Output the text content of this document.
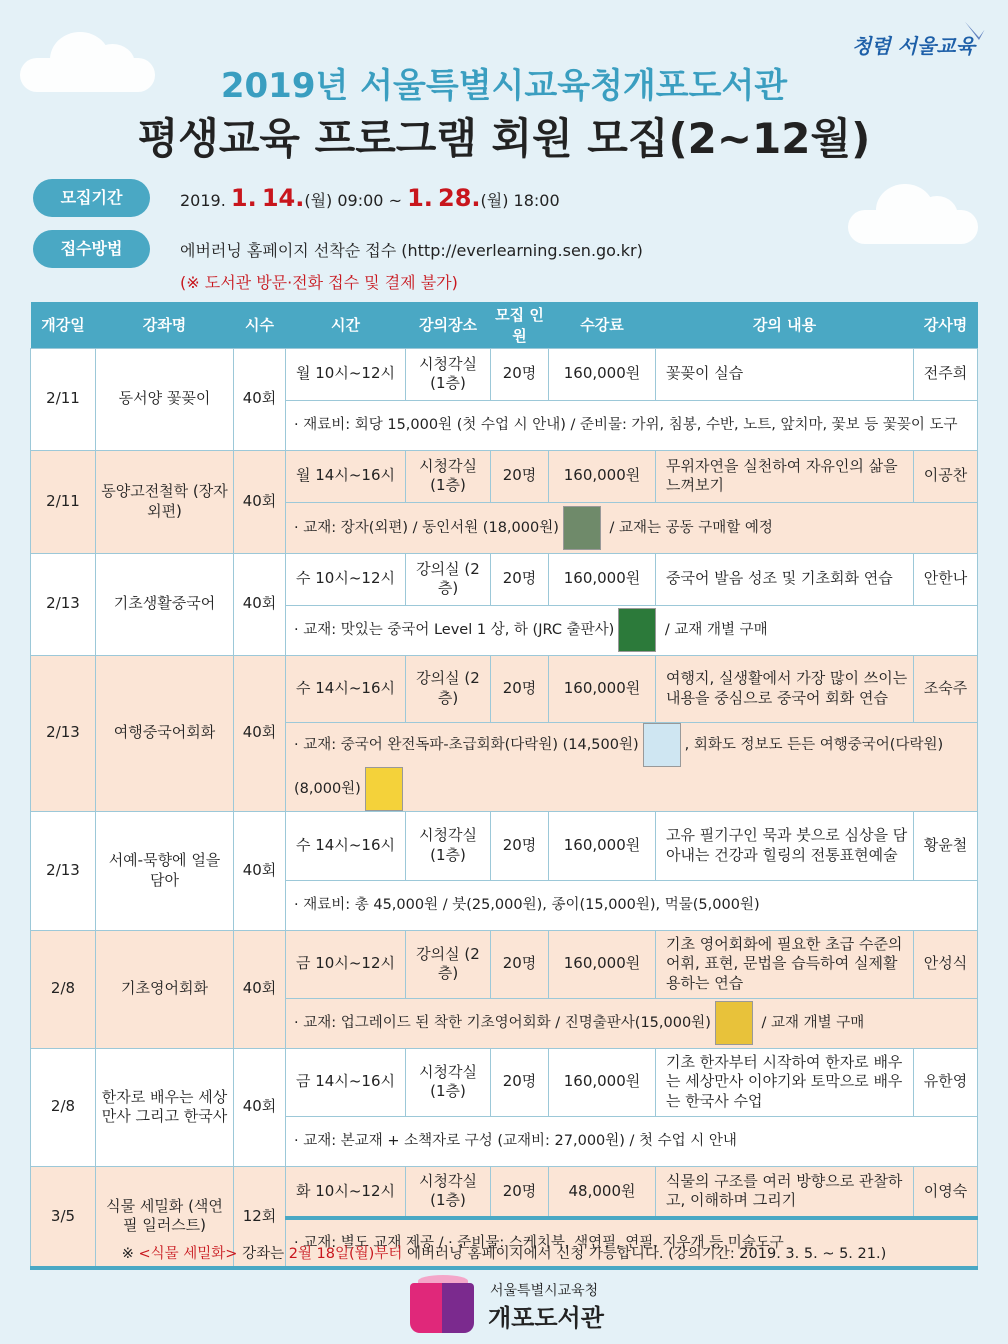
청렴 서울교육
2019년 서울특별시교육청개포도서관
평생교육 프로그램 회원 모집(2~12월)
모집기간	2019. 1. 14.(월) 09:00 ~ 1. 28.(월) 18:00
접수방법	에버러닝 홈페이지 선착순 접수 (http://everlearning.sen.go.kr)
(※ 도서관 방문·전화 접수 및 결제 불가)
개강일	강좌명	시수	시간	강의장소	모집 인원	수강료	강의 내용	강사명
2/11	동서양 꽃꽂이	40회	월 10시~12시	시청각실 (1층)	20명	160,000원	꽃꽂이 실습	전주희
			· 재료비: 회당 15,000원 (첫 수업 시 안내) / 준비물: 가위, 침봉, 수반, 노트, 앞치마, 꽃보 등 꽃꽂이 도구					
2/11	동양고전철학 (장자 외편)	40회	월 14시~16시	시청각실 (1층)	20명	160,000원	무위자연을 실천하여 자유인의 삶을 느껴보기	이공찬
			· 교재: 장자(외편) / 동인서원 (18,000원) / 교재는 공동 구매할 예정					
2/13	기초생활중국어	40회	수 10시~12시	강의실 (2층)	20명	160,000원	중국어 발음 성조 및 기초회화 연습	안한나
			· 교재: 맛있는 중국어 Level 1 상, 하 (JRC 출판사) / 교재 개별 구매					
2/13	여행중국어회화	40회	수 14시~16시	강의실 (2층)	20명	160,000원	여행지, 실생활에서 가장 많이 쓰이는 내용을 중심으로 중국어 회화 연습	조숙주
			· 교재: 중국어 완전독파-초급회화(다락원) (14,500원) , 회화도 정보도 든든 여행중국어(다락원) (8,000원)					
2/13	서예-묵향에 얼을 담아	40회	수 14시~16시	시청각실 (1층)	20명	160,000원	고유 필기구인 묵과 붓으로 심상을 담아내는 건강과 힐링의 전통표현예술	황윤철
			· 재료비: 총 45,000원 / 붓(25,000원), 종이(15,000원), 먹물(5,000원)					
2/8	기초영어회화	40회	금 10시~12시	강의실 (2층)	20명	160,000원	기초 영어회화에 필요한 초급 수준의 어휘, 표현, 문법을 습득하여 실제활용하는 연습	안성식
			· 교재: 업그레이드 된 착한 기초영어회화 / 진명출판사(15,000원) / 교재 개별 구매					
2/8	한자로 배우는 세상만사 그리고 한국사	40회	금 14시~16시	시청각실 (1층)	20명	160,000원	기초 한자부터 시작하여 한자로 배우는 세상만사 이야기와 토막으로 배우는 한국사 수업	유한영
			· 교재: 본교재 + 소책자로 구성 (교재비: 27,000원) / 첫 수업 시 안내					
3/5	식물 세밀화 (색연필 일러스트)	12회	화 10시~12시	시청각실 (1층)	20명	48,000원	식물의 구조를 여러 방향으로 관찰하고, 이해하며 그리기	이영숙
			· 교재: 별도 교재 제공 / · 준비물: 스케치북, 색연필, 연필, 지우개 등 미술도구					
※ <식물 세밀화> 강좌는 2월 18일(월)부터 에버러닝 홈페이지에서 신청 가능합니다. (강의기간: 2019. 3. 5. ~ 5. 21.)
서울특별시교육청
개포도서관
